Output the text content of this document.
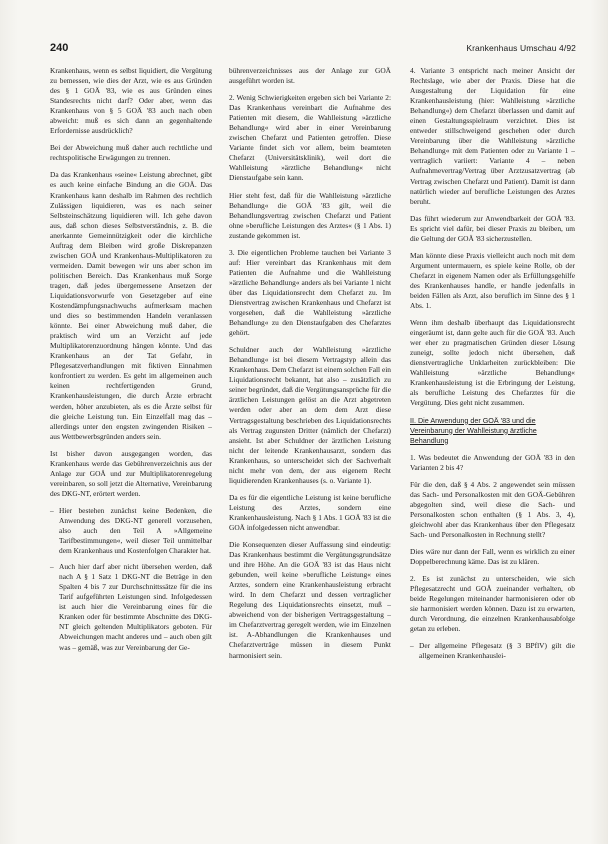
240	Krankenhaus Umschau 4/92

Krankenhaus, wenn es selbst liquidiert, die Vergütung zu bemessen, wie dies der Arzt, wie es aus Gründen des § 1 GOÄ '83, wie es aus Gründen eines Standesrechts nicht darf? Oder aber, wenn das Krankenhaus von § 5 GOÄ '83 auch nach oben abweicht: muß es sich dann an gegenhaltende Erfordernisse ausdrücklich?

Bei der Abweichung muß daher auch rechtliche und rechtspolitische Erwägungen zu trennen.

Da das Krankenhaus »seine« Leistung abrechnet, gibt es auch keine einfache Bindung an die GOÄ. Das Krankenhaus kann deshalb im Rahmen des rechtlich Zulässigen liquidieren, was es nach seiner Selbsteinschätzung liquidieren will. Ich gehe davon aus, daß schon dieses Selbstverständnis, z. B. die anerkannte Gemeinnützigkeit oder die kirchliche Auftrag dem Bleiben wird große Diskrepanzen zwischen GOÄ und Krankenhaus-Multiplikatoren zu vermeiden. Damit bewegen wir uns aber schon im politischen Bereich. Das Krankenhaus muß Sorge tragen, daß jedes übergemessene Ansetzen der Liquidationsvorwurfe von Gesetzgeber auf eine Kostendämpfungsnachwuchs aufmerksam machen und dies so bestimmenden Handeln veranlassen könnte. Bei einer Abweichung muß daher, die praktisch wird um an Verzicht auf jede Multiplikatorenzuordnung hängen könnte. Und das Krankenhaus an der Tat Gefahr, in Pflegesatzverhandlungen mit fiktiven Einnahmen konfrontiert zu werden. Es geht im allgemeinen auch keinen rechtfertigenden Grund, Krankenhausleistungen, die durch Ärzte erbracht werden, höher anzubieten, als es die Ärzte selbst für die gleiche Leistung tun. Ein Einzelfall mag das – allerdings unter den engsten zwingenden Risiken – aus Wettbewerbsgründen anders sein.

Ist bisher davon ausgegangen worden, das Krankenhaus werde das Gebührenverzeichnis aus der Anlage zur GOÄ und zur Multiplikatorenregelung vereinbaren, so soll jetzt die Alternative, Vereinbarung des DKG-NT, erörtert werden.

– Hier bestehen zunächst keine Bedenken, die Anwendung des DKG-NT generell vorzusehen, also auch den Teil A »Allgemeine Tarifbestimmungen«, weil dieser Teil unmittelbar dem Krankenhaus und Kostenfolgen Charakter hat.
– Auch hier darf aber nicht übersehen werden, daß nach A § 1 Satz 1 DKG-NT die Beträge in den Spalten 4 bis 7 zur Durchschnittssätze für die ins Tarif aufgeführten Leistungen sind. Infolgedessen ist auch hier die Vereinbarung eines für die Kranken oder für bestimmte Abschnitte des DKG-NT gleich geltenden Multiplikators geboten. Für Abweichungen macht anderes und – auch oben gilt was – gemäß, was zur Vereinbarung der Ge-

bührenverzeichnisses aus der Anlage zur GOÄ ausgeführt worden ist.

2. Wenig Schwierigkeiten ergeben sich bei Variante 2: Das Krankenhaus vereinbart die Aufnahme des Patienten mit diesem, die Wahlleistung »ärztliche Behandlung« wird aber in einer Vereinbarung zwischen Chefarzt und Patienten getroffen. Diese Variante findet sich vor allem, beim beamteten Chefarzt (Universitätsklinik), weil dort die Wahlleistung »ärztliche Behandlung« nicht Dienstaufgabe sein kann.

Hier steht fest, daß für die Wahlleistung »ärztliche Behandlung« die GOÄ '83 gilt, weil die Behandlungsvertrag zwischen Chefarzt und Patient ohne »berufliche Leistungen des Arztes« (§ 1 Abs. 1) zustande gekommen ist.

3. Die eigentlichen Probleme tauchen bei Variante 3 auf: Hier vereinbart das Krankenhaus mit dem Patienten die Aufnahme und die Wahlleistung »ärztliche Behandlung« anders als bei Variante 1 nicht über das Liquidationsrecht dem Chefarzt zu. Im Dienstvertrag zwischen Krankenhaus und Chefarzt ist vorgesehen, daß die Wahlleistung »ärztliche Behandlung« zu den Dienstaufgaben des Chefarztes gehört.

Schuldner auch der Wahlleistung »ärztliche Behandlung« ist bei diesem Vertragstyp allein das Krankenhaus. Dem Chefarzt ist einem solchen Fall ein Liquidationsrecht bekannt, hat also – zusätzlich zu seiner begründet, daß die Vergütungsansprüche für die ärztlichen Leistungen gelöst an die Arzt abgetreten werden oder aber an dem dem Arzt diese Vertragsgestaltung beschrieben des Liquidationsrechts als Vertrag zugunsten Dritter (nämlich der Chefarzt) ansieht. Ist aber Schuldner der ärztlichen Leistung nicht der leitende Krankenhausarzt, sondern das Krankenhaus, so unterscheidet sich der Sachverhalt nicht mehr von dem, der aus eigenem Recht liquidierenden Krankenhauses (s. o. Variante 1).

Da es für die eigentliche Leistung ist keine berufliche Leistung des Arztes, sondern eine Krankenhausleistung. Nach § 1 Abs. 1 GOÄ '83 ist die GOÄ infolgedessen nicht anwendbar.

Die Konsequenzen dieser Auffassung sind eindeutig: Das Krankenhaus bestimmt die Vergütungsgrundsätze und ihre Höhe. An die GOÄ '83 ist das Haus nicht gebunden, weil keine »berufliche Leistung« eines Arztes, sondern eine Krankenhausleistung erbracht wird. In dem Chefarzt und dessen vertraglicher Regelung des Liquidationsrechts einsetzt, muß – abweichend von der bisherigen Vertragsgestaltung – im Chefarztvertrag geregelt werden, wie im Einzelnen ist. A-Abhandlungen die Krankenhauses und Chefarztverträge müssen in diesem Punkt harmonisiert sein.

4. Variante 3 entspricht nach meiner Ansicht der Rechtslage, wie aber der Praxis. Diese hat die Ausgestaltung der Liquidation für eine Krankenhausleistung (hier: Wahlleistung »ärztliche Behandlung«) dem Chefarzt überlassen und damit auf einen Gestaltungsspielraum verzichtet. Dies ist entweder stillschweigend geschehen oder durch Vereinbarung über die Wahlleistung »ärztliche Behandlung« mit dem Patienten oder zu Variante 1 – vertraglich variiert: Variante 4 – neben Aufnahmevertrag/Vertrag über Arztzusatzvertrag (ab Vertrag zwischen Chefarzt und Patient). Damit ist dann natürlich wieder auf berufliche Leistungen des Arztes beruht.

Das führt wiederum zur Anwendbarkeit der GOÄ '83. Es spricht viel dafür, bei dieser Praxis zu bleiben, um die Geltung der GOÄ '83 sicherzustellen.

Man könnte diese Praxis vielleicht auch noch mit dem Argument untermauern, es spiele keine Rolle, ob der Chefarzt in eigenem Namen oder als Erfüllungsgehilfe des Krankenhauses handle, er handle jedenfalls in beiden Fällen als Arzt, also beruflich im Sinne des § 1 Abs. 1.

Wenn ihm deshalb überhaupt das Liquidationsrecht eingeräumt ist, dann gelte auch für die GOÄ '83. Auch wer eher zu pragmatischen Gründen dieser Lösung zuneigt, sollte jedoch nicht übersehen, daß dienstvertragliche Unklarheiten zurückbleiben: Die Wahlleistung »ärztliche Behandlung« Krankenhausleistung ist die Erbringung der Leistung, als berufliche Leistung des Chefarztes für die Vergütung. Dies geht nicht zusammen.

II. Die Anwendung der GOÄ '83 und die Vereinbarung der Wahlleistung ärztliche Behandlung

1. Was bedeutet die Anwendung der GOÄ '83 in den Varianten 2 bis 4?

Für die den, daß § 4 Abs. 2 angewendet sein müssen das Sach- und Personalkosten mit den GOÄ-Gebühren abgegolten sind, weil diese die Sach- und Personalkosten schon enthalten (§ 1 Abs. 3, 4), gleichwohl aber das Krankenhaus über den Pflegesatz Sach- und Personalkosten in Rechnung stellt?

Dies wäre nur dann der Fall, wenn es wirklich zu einer Doppelberechnung käme. Das ist zu klären.

2. Es ist zunächst zu unterscheiden, wie sich Pflegesatzrecht und GOÄ zueinander verhalten, ob beide Regelungen miteinander harmonisieren oder ob sie harmonisiert werden können. Dazu ist zu erwarten, durch Verordnung, die einzelnen Krankenhausabfolge getan zu erleben.

– Der allgemeine Pflegesatz (§ 3 BPflV) gilt die allgemeinen Krankenhauslei-
